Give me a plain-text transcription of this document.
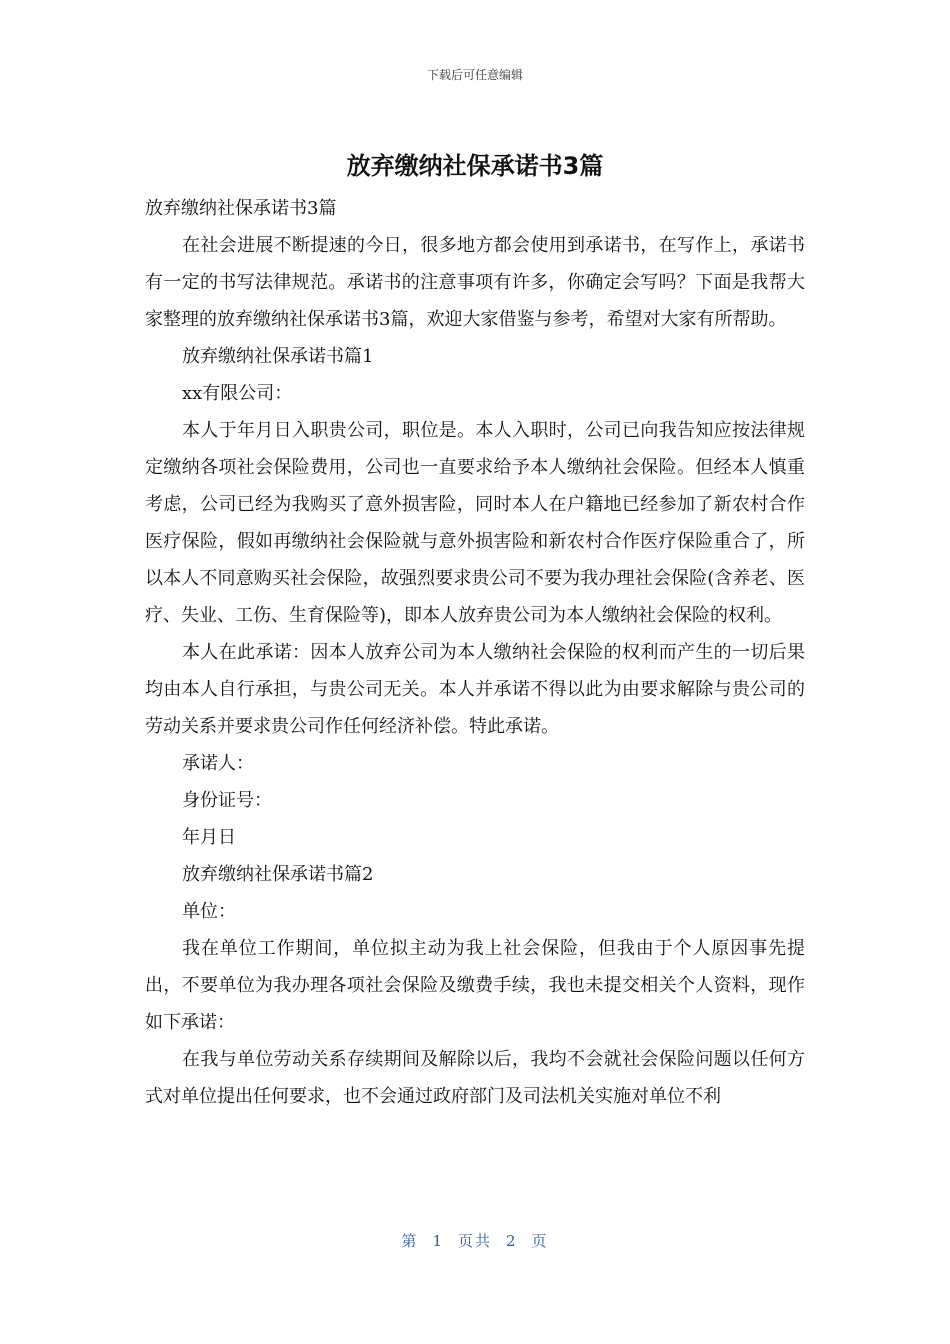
下载后可任意编辑
放弃缴纳社保承诺书3篇

放弃缴纳社保承诺书3篇

在社会进展不断提速的今日，很多地方都会使用到承诺书，在写作上，承诺书有一定的书写法律规范。承诺书的注意事项有许多，你确定会写吗？下面是我帮大家整理的放弃缴纳社保承诺书3篇，欢迎大家借鉴与参考，希望对大家有所帮助。

放弃缴纳社保承诺书篇1

xx有限公司：

本人于年月日入职贵公司，职位是。本人入职时，公司已向我告知应按法律规定缴纳各项社会保险费用，公司也一直要求给予本人缴纳社会保险。但经本人慎重考虑，公司已经为我购买了意外损害险，同时本人在户籍地已经参加了新农村合作医疗保险，假如再缴纳社会保险就与意外损害险和新农村合作医疗保险重合了，所以本人不同意购买社会保险，故强烈要求贵公司不要为我办理社会保险(含养老、医疗、失业、工伤、生育保险等)，即本人放弃贵公司为本人缴纳社会保险的权利。

本人在此承诺：因本人放弃公司为本人缴纳社会保险的权利而产生的一切后果均由本人自行承担，与贵公司无关。本人并承诺不得以此为由要求解除与贵公司的劳动关系并要求贵公司作任何经济补偿。特此承诺。

承诺人：

身份证号：

年月日

放弃缴纳社保承诺书篇2

单位：

我在单位工作期间，单位拟主动为我上社会保险，但我由于个人原因事先提出，不要单位为我办理各项社会保险及缴费手续，我也未提交相关个人资料，现作如下承诺：

在我与单位劳动关系存续期间及解除以后，我均不会就社会保险问题以任何方式对单位提出任何要求，也不会通过政府部门及司法机关实施对单位不利

第 1 页共 2 页
